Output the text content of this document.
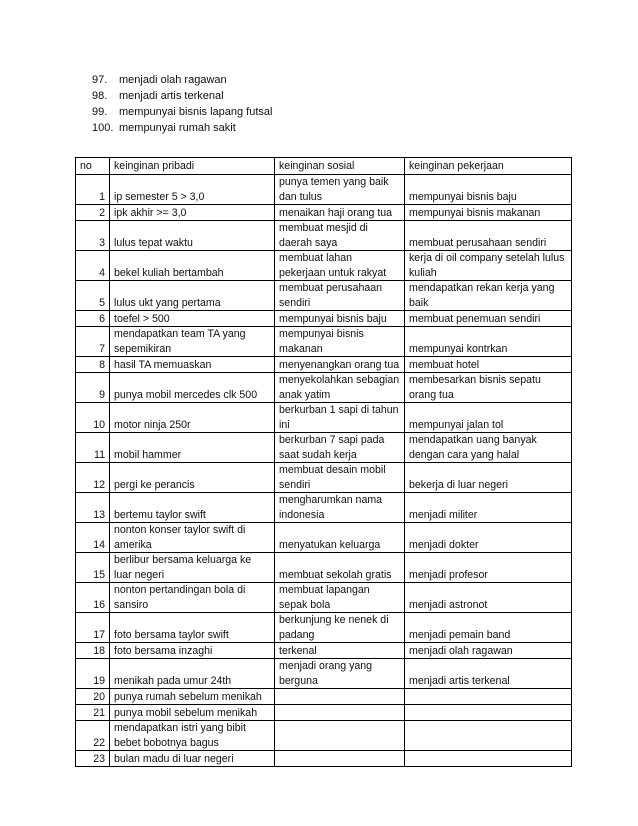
97.	menjadi olah ragawan
98.	menjadi artis terkenal
99.	mempunyai bisnis lapang futsal
100. mempunyai rumah sakit
no	keinginan pribadi	keinginan sosial	keinginan pekerjaan
1	ip semester 5 > 3,0	punya temen yang baik dan tulus	mempunyai bisnis baju
2	ipk akhir >= 3,0	menaikan haji orang tua	mempunyai bisnis makanan
3	lulus tepat waktu	membuat mesjid di daerah saya	membuat perusahaan sendiri
4	bekel kuliah bertambah	membuat lahan pekerjaan untuk rakyat	kerja di oil company setelah lulus kuliah
5	lulus ukt yang pertama	membuat perusahaan sendiri	mendapatkan rekan kerja yang baik
6	toefel > 500	mempunyai bisnis baju	membuat penemuan sendiri
7	mendapatkan team TA yang sepemikiran	mempunyai bisnis makanan	mempunyai kontrkan
8	hasil TA memuaskan	menyenangkan orang tua	membuat hotel
9	punya mobil mercedes clk 500	menyekolahkan sebagian anak yatim	membesarkan bisnis sepatu orang tua
10	motor ninja 250r	berkurban 1 sapi di tahun ini	mempunyai jalan tol
11	mobil hammer	berkurban 7 sapi pada saat sudah kerja	mendapatkan uang banyak dengan cara yang halal
12	pergi ke perancis	membuat desain mobil sendiri	bekerja di luar negeri
13	bertemu taylor swift	mengharumkan nama indonesia	menjadi militer
14	nonton konser taylor swift di amerika	menyatukan keluarga	menjadi dokter
15	berlibur bersama keluarga ke luar negeri	membuat sekolah gratis	menjadi profesor
16	nonton pertandingan bola di sansiro	membuat lapangan sepak bola	menjadi astronot
17	foto bersama taylor swift	berkunjung ke nenek di padang	menjadi pemain band
18	foto bersama inzaghi	terkenal	menjadi olah ragawan
19	menikah pada umur 24th	menjadi orang yang berguna	menjadi artis terkenal
20	punya rumah sebelum menikah		
21	punya mobil sebelum menikah		
22	mendapatkan istri yang bibit bebet bobotnya bagus		
23	bulan madu di luar negeri		
